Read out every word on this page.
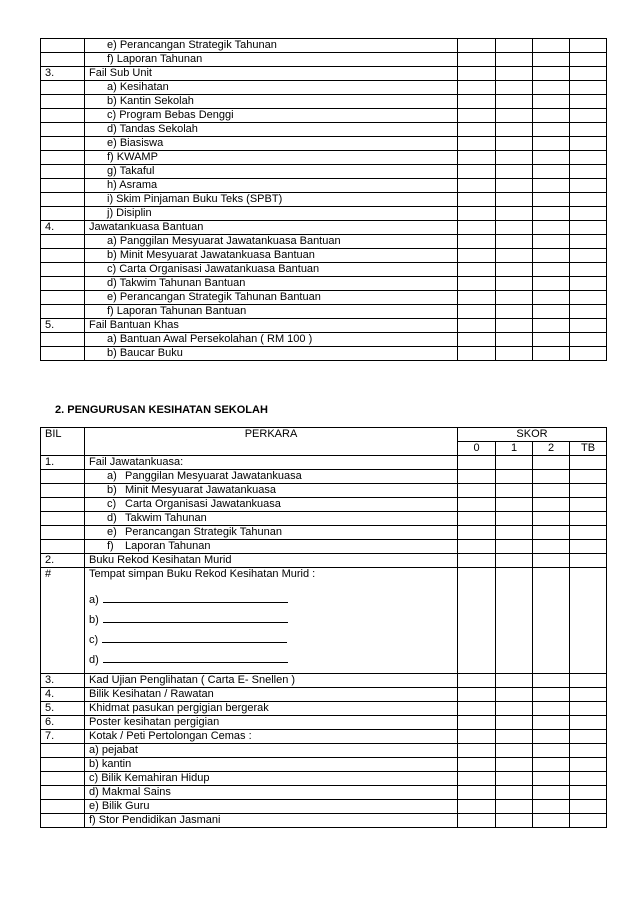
	e) Perancangan Strategik Tahunan				
	f) Laporan Tahunan				
3.	Fail Sub Unit				
	a) Kesihatan				
	b) Kantin Sekolah				
	c) Program Bebas Denggi				
	d) Tandas Sekolah				
	e) Biasiswa				
	f) KWAMP				
	g) Takaful				
	h) Asrama				
	i) Skim Pinjaman Buku Teks (SPBT)				
	j) Disiplin				
4.	Jawatankuasa Bantuan				
	a) Panggilan Mesyuarat Jawatankuasa Bantuan				
	b) Minit Mesyuarat Jawatankuasa Bantuan				
	c) Carta Organisasi Jawatankuasa Bantuan				
	d) Takwim Tahunan Bantuan				
	e) Perancangan Strategik Tahunan Bantuan				
	f) Laporan Tahunan Bantuan				
5.	Fail Bantuan Khas				
	a) Bantuan Awal Persekolahan ( RM 100 )				
	b) Baucar Buku				
2. PENGURUSAN KESIHATAN SEKOLAH
BIL	PERKARA	SKOR			
		0	1	2	TB
1.	Fail Jawatankuasa:				
	a) Panggilan Mesyuarat Jawatankuasa				
	b) Minit Mesyuarat Jawatankuasa				
	c) Carta Organisasi Jawatankuasa				
	d) Takwim Tahunan				
	e) Perancangan Strategik Tahunan				
	f) Laporan Tahunan				
2.	Buku Rekod Kesihatan Murid				
#	Tempat simpan Buku Rekod Kesihatan Murid :
a)
b)
c)
d)				

3.	Kad Ujian Penglihatan ( Carta E- Snellen )				
4.	Bilik Kesihatan / Rawatan				
5.	Khidmat pasukan pergigian bergerak				
6.	Poster kesihatan pergigian				
7.	Kotak / Peti Pertolongan Cemas :				
	a) pejabat				
	b) kantin				
	c) Bilik Kemahiran Hidup				
	d) Makmal Sains				
	e) Bilik Guru				
	f) Stor Pendidikan Jasmani				
